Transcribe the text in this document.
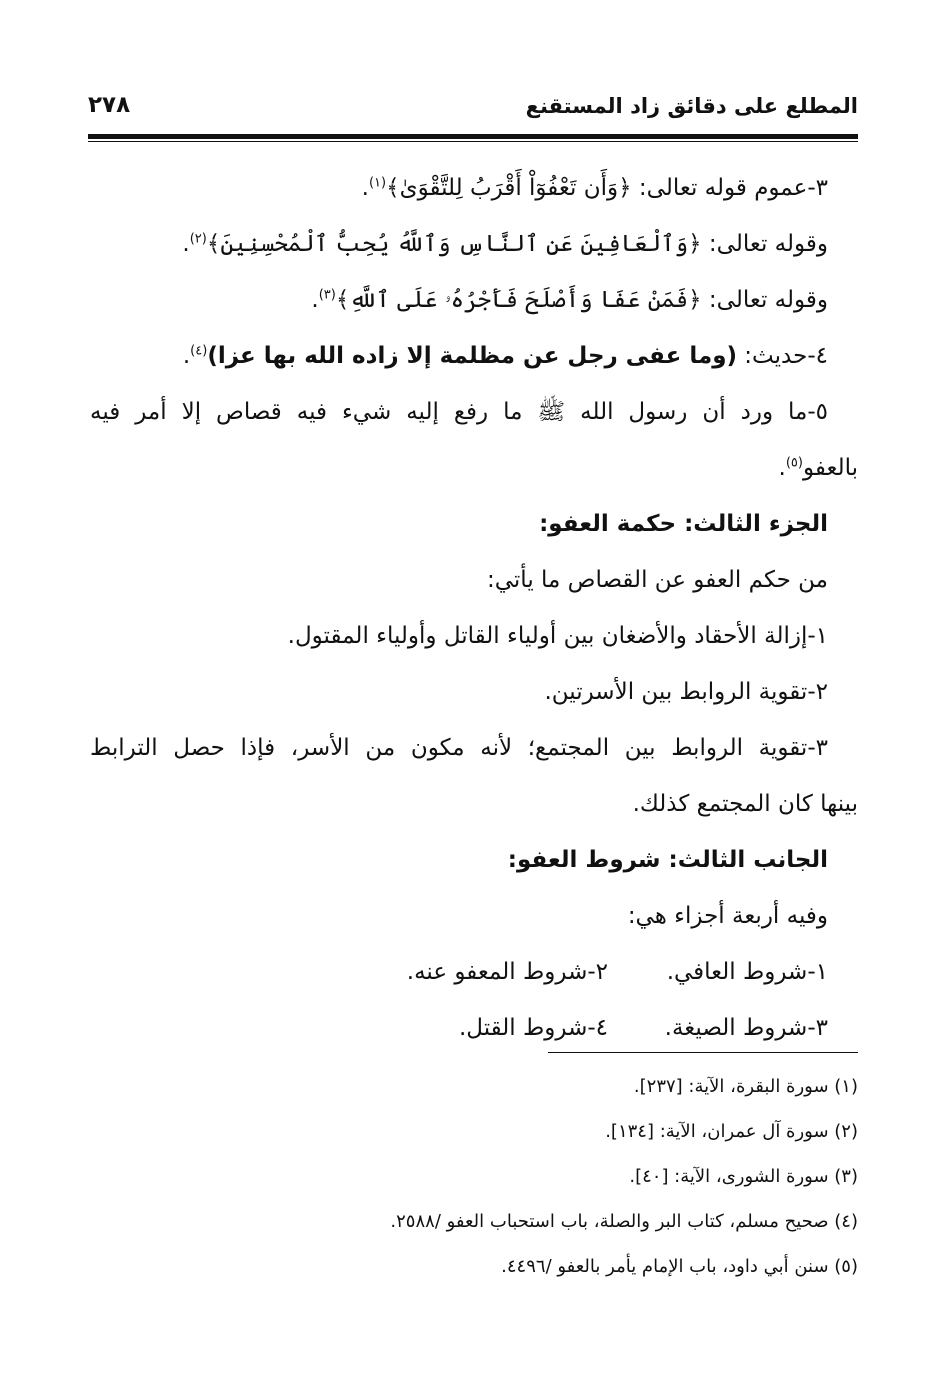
المطلع على دقائق زاد المستقنع
٢٧٨
٣-عموم قوله تعالى: ﴿وَأَن تَعْفُوٓاْ أَقْرَبُ لِلتَّقْوَىٰ﴾$^{(١)}$.
وقوله تعالى: ﴿وَٱلْعَافِينَ عَنِ ٱلنَّاسِ وَٱللَّهُ يُحِبُّ ٱلْمُحْسِنِينَ﴾$^{(٢)}$.
وقوله تعالى: ﴿فَمَنْ عَفَا وَأَصْلَحَ فَأَجْرُهُۥ عَلَى ٱللَّهِ﴾$^{(٣)}$.
٤-حديث: (وما عفى رجل عن مظلمة إلا زاده الله بها عزا)$^{(٤)}$.
٥-ما ورد أن رسول الله ﷺ ما رفع إليه شيء فيه قصاص إلا أمر فيه
بالعفو$^{(٥)}$.
الجزء الثالث: حكمة العفو:
من حكم العفو عن القصاص ما يأتي:
١-إزالة الأحقاد والأضغان بين أولياء القاتل وأولياء المقتول.
٢-تقوية الروابط بين الأسرتين.
٣-تقوية الروابط بين المجتمع؛ لأنه مكون من الأسر، فإذا حصل الترابط
بينها كان المجتمع كذلك.
الجانب الثالث: شروط العفو:
وفيه أربعة أجزاء هي:
١-شروط العافي.
٢-شروط المعفو عنه.
٣-شروط الصيغة.
٤-شروط القتل.
(١) سورة البقرة، الآية: [٢٣٧].
(٢) سورة آل عمران، الآية: [١٣٤].
(٣) سورة الشورى، الآية: [٤٠].
(٤) صحيح مسلم، كتاب البر والصلة، باب استحباب العفو /٢٥٨٨.
(٥) سنن أبي داود، باب الإمام يأمر بالعفو /٤٤٩٦.
